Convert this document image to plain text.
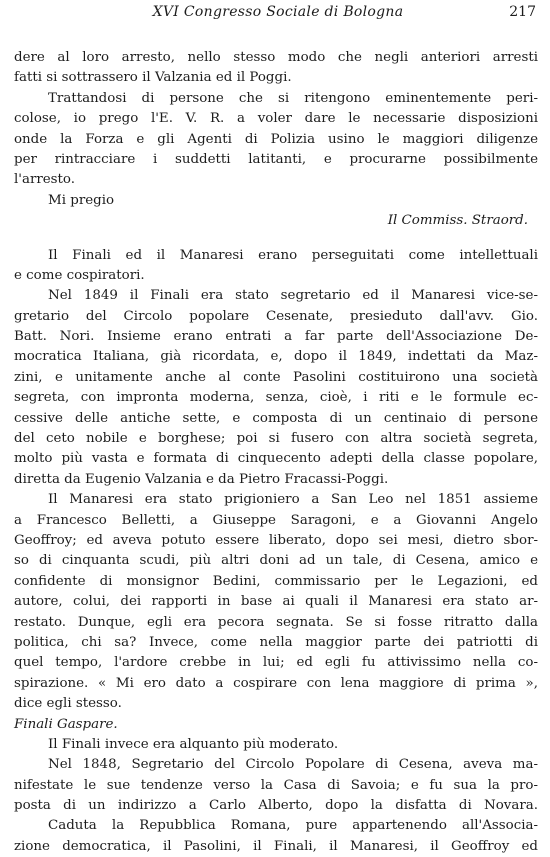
XVI Congresso Sociale di Bologna	217
dere al loro arresto, nello stesso modo che negli anteriori arresti
fatti si sottrassero il Valzania ed il Poggi.
Trattandosi di persone che si ritengono eminentemente peri-
colose, io prego l'E. V. R. a voler dare le necessarie disposizioni
onde la Forza e gli Agenti di Polizia usino le maggiori diligenze
per rintracciare i suddetti latitanti, e procurarne possibilmente
l'arresto.
Mi pregio
Il Commiss. Straord.
Il Finali ed il Manaresi erano perseguitati come intellettuali
e come cospiratori.
Nel 1849 il Finali era stato segretario ed il Manaresi vice-se-
gretario del Circolo popolare Cesenate, presieduto dall'avv. Gio.
Batt. Nori. Insieme erano entrati a far parte dell'Associazione De-
mocratica Italiana, già ricordata, e, dopo il 1849, indettati da Maz-
zini, e unitamente anche al conte Pasolini costituirono una società
segreta, con impronta moderna, senza, cioè, i riti e le formule ec-
cessive delle antiche sette, e composta di un centinaio di persone
del ceto nobile e borghese; poi si fusero con altra società segreta,
molto più vasta e formata di cinquecento adepti della classe popolare,
diretta da Eugenio Valzania e da Pietro Fracassi-Poggi.
Il Manaresi era stato prigioniero a San Leo nel 1851 assieme
a Francesco Belletti, a Giuseppe Saragoni, e a Giovanni Angelo
Geoffroy; ed aveva potuto essere liberato, dopo sei mesi, dietro sbor-
so di cinquanta scudi, più altri doni ad un tale, di Cesena, amico e
confidente di monsignor Bedini, commissario per le Legazioni, ed
autore, colui, dei rapporti in base ai quali il Manaresi era stato ar-
restato. Dunque, egli era pecora segnata. Se si fosse ritratto dalla
politica, chi sa? Invece, come nella maggior parte dei patriotti di
quel tempo, l'ardore crebbe in lui; ed egli fu attivissimo nella co-
spirazione. « Mi ero dato a cospirare con lena maggiore di prima »,
dice egli stesso.
Finali Gaspare.
Il Finali invece era alquanto più moderato.
Nel 1848, Segretario del Circolo Popolare di Cesena, aveva ma-
nifestate le sue tendenze verso la Casa di Savoia; e fu sua la pro-
posta di un indirizzo a Carlo Alberto, dopo la disfatta di Novara.
Caduta la Repubblica Romana, pure appartenendo all'Associa-
zione democratica, il Pasolini, il Finali, il Manaresi, il Geoffroy ed
